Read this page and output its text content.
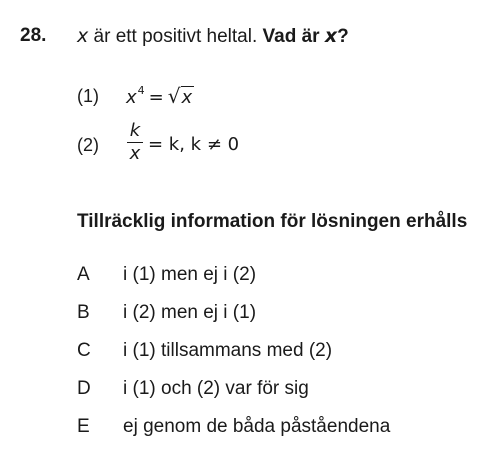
28. x är ett positivt heltal. Vad är x?
(1) $x^4 = √x$
(2)
k
x = k, k ≠ 0
Tillräcklig information för lösningen erhålls
A	i (1) men ej i (2)
B	i (2) men ej i (1)
C	i (1) tillsammans med (2)
D	i (1) och (2) var för sig
E	ej genom de båda påståendena
